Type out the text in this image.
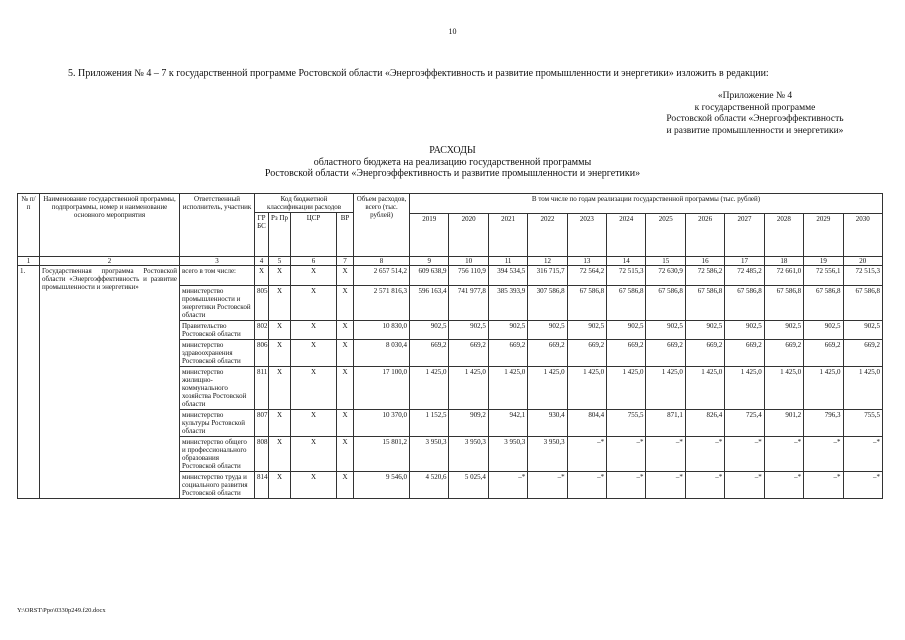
10
5. Приложения № 4 – 7 к государственной программе Ростовской области «Энергоэффективность и развитие промышленности и энергетики» изложить в редакции:
«Приложение № 4
к государственной программе
Ростовской области «Энергоэффективность
и развитие промышленности и энергетики»
РАСХОДЫ
областного бюджета на реализацию государственной программы
Ростовской области «Энергоэффективность и развитие промышленности и энергетики»
№ п/п	Наименование государственной программы, подпрограммы, номер и наименование основного мероприятия	Ответственный исполнитель, участник	Код бюджетной классификации расходов				Объем расходов, всего (тыс. рублей)	В том числе по годам реализации государственной программы (тыс. рублей)											
			ГР БС	Рз Пр	ЦСР	ВР													
								2019	2020	2021	2022	2023	2024	2025	2026	2027	2028	2029	2030
1	2	3	4	5	6	7	8	9	10	11	12	13	14	15	16	17	18	19	20
1.	Государственная программа Ростовской области «Энергоэффективность и развитие промышленности и энергетики»	всего в том числе:	Х	Х	Х	Х	2 657 514,2	609 638,9	756 110,9	394 534,5	316 715,7	72 564,2	72 515,3	72 630,9	72 586,2	72 485,2	72 661,0	72 556,1	72 515,3
		министерство промышленности и энергетики Ростовской области	805	Х	Х	Х	2 571 816,3	596 163,4	741 977,8	385 393,9	307 586,8	67 586,8	67 586,8	67 586,8	67 586,8	67 586,8	67 586,8	67 586,8	67 586,8
		Правительство Ростовской области	802	Х	Х	Х	10 830,0	902,5	902,5	902,5	902,5	902,5	902,5	902,5	902,5	902,5	902,5	902,5	902,5
		министерство здравоохранения Ростовской области	806	Х	Х	Х	8 030,4	669,2	669,2	669,2	669,2	669,2	669,2	669,2	669,2	669,2	669,2	669,2	669,2
		министерство жилищно-коммунального хозяйства Ростовской области	811	Х	Х	Х	17 100,0	1 425,0	1 425,0	1 425,0	1 425,0	1 425,0	1 425,0	1 425,0	1 425,0	1 425,0	1 425,0	1 425,0	1 425,0
		министерство культуры Ростовской области	807	Х	Х	Х	10 370,0	1 152,5	909,2	942,1	930,4	804,4	755,5	871,1	826,4	725,4	901,2	796,3	755,5
		министерство общего и профессионального образования Ростовской области	808	Х	Х	Х	15 801,2	3 950,3	3 950,3	3 950,3	3 950,3	–*	–*	–*	–*	–*	–*	–*	–*
		министерство труда и социального развития Ростовской области	814	Х	Х	Х	9 546,0	4 520,6	5 025,4	–*	–*	–*	–*	–*	–*	–*	–*	–*	–*
Y:\ORST\Ppo\0330p249.f20.docx
